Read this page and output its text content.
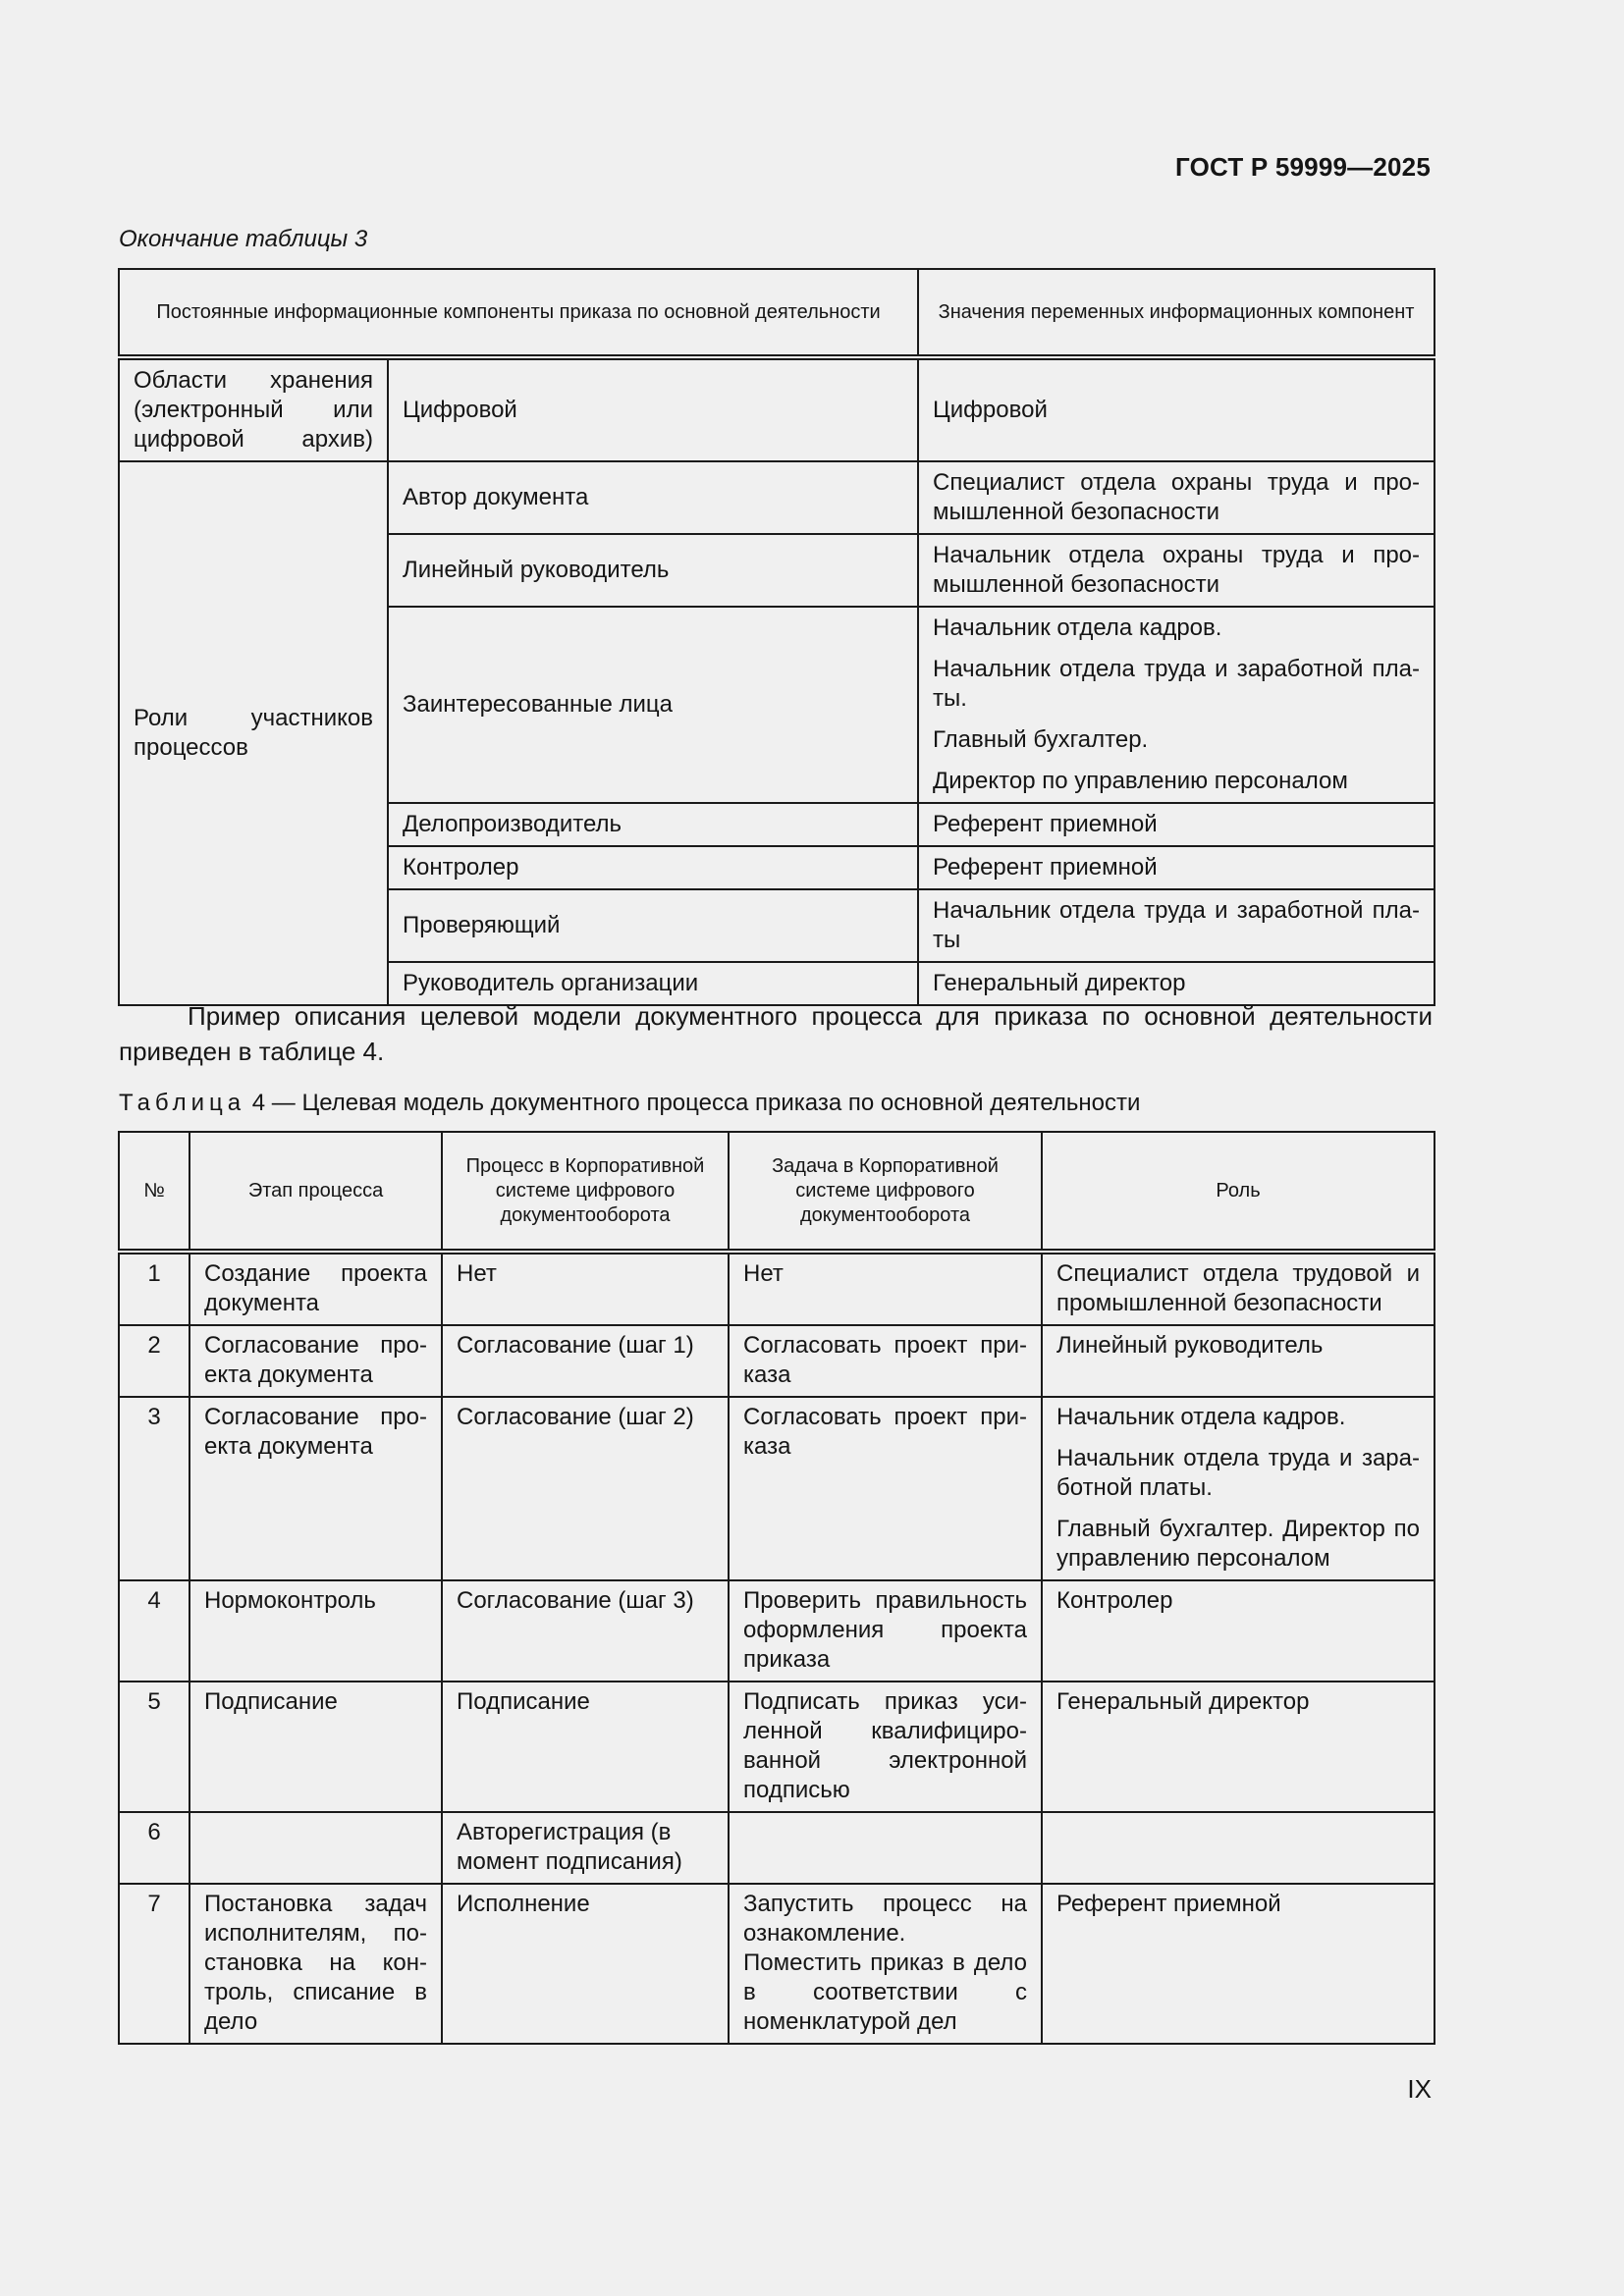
ГОСТ Р 59999—2025
Окончание таблицы 3
Постоянные информационные компоненты приказа по основной деятельности		Значения переменных информационных компонент
Области хранения (электронный или цифровой архив)	Цифровой	Цифровой
Роли участников процессов	Автор документа	Специалист отдела охраны труда и промышленной безопасности
	Линейный руководитель	Начальник отдела охраны труда и промышленной безопасности
	Заинтересованные лица	Начальник отдела кадров.

Начальник отдела труда и заработной платы.

Главный бухгалтер.

Директор по управлению персоналом

	Делопроизводитель	Референт приемной
	Контролер	Референт приемной
	Проверяющий	Начальник отдела труда и заработной платы
	Руководитель организации	Генеральный директор
Пример описания целевой модели документного процесса для приказа по основной деятельности приведен в таблице 4.
Таблица 4 — Целевая модель документного процесса приказа по основной деятельности
№	Этап процесса	Процесс в Корпоративной системе цифрового документооборота	Задача в Корпоративной системе цифрового документооборота	Роль
1	Создание проекта документа	Нет	Нет	Специалист отдела трудовой и промышленной безопасности
2	Согласование проекта документа	Согласование (шаг 1)	Согласовать проект приказа	Линейный руководитель
3	Согласование проекта документа	Согласование (шаг 2)	Согласовать проект приказа	Начальник отдела кадров.

Начальник отдела труда и заработной платы.

Главный бухгалтер. Директор по управлению персоналом

4	Нормоконтроль	Согласование (шаг 3)	Проверить правильность оформления проекта приказа	Контролер
5	Подписание	Подписание	Подписать приказ усиленной квалифицированной электронной подписью	Генеральный директор
6		Авторегистрация (в момент подписания)		
7	Постановка задач исполнителям, постановка на контроль, списание в дело	Исполнение	Запустить процесс на ознакомление. Поместить приказ в дело в соответствии с номенклатурой дел	Референт приемной
IX
